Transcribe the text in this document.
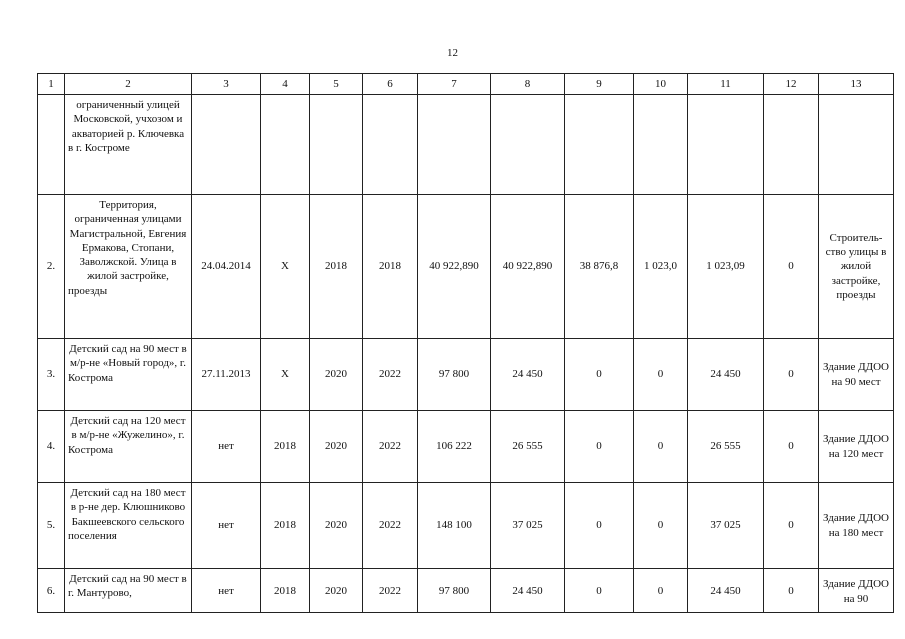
12
1	2	3	4	5	6	7	8	9	10	11	12	13
	ограниченный улицей Московской, учхозом и акваторией р. Ключевка в г. Костроме											
2.	Территория, ограниченная улицами Магистральной, Евгения Ермакова, Стопани, Заволжской. Улица в жилой застройке, проезды	24.04.2014	Х	2018	2018	40 922,890	40 922,890	38 876,8	1 023,0	1 023,09	0	Строитель-ство улицы в жилой застройке, проезды
3.	Детский сад на 90 мест в м/р-не «Новый город», г. Кострома	27.11.2013	Х	2020	2022	97 800	24 450	0	0	24 450	0	Здание ДДОО на 90 мест
4.	Детский сад на 120 мест в м/р-не «Жужелино», г. Кострома	нет	2018	2020	2022	106 222	26 555	0	0	26 555	0	Здание ДДОО на 120 мест
5.	Детский сад на 180 мест в р-не дер. Клюшниково Бакшеевского сельского поселения	нет	2018	2020	2022	148 100	37 025	0	0	37 025	0	Здание ДДОО на 180 мест
6.	Детский сад на 90 мест в г. Мантурово,	нет	2018	2020	2022	97 800	24 450	0	0	24 450	0	Здание ДДОО на 90
